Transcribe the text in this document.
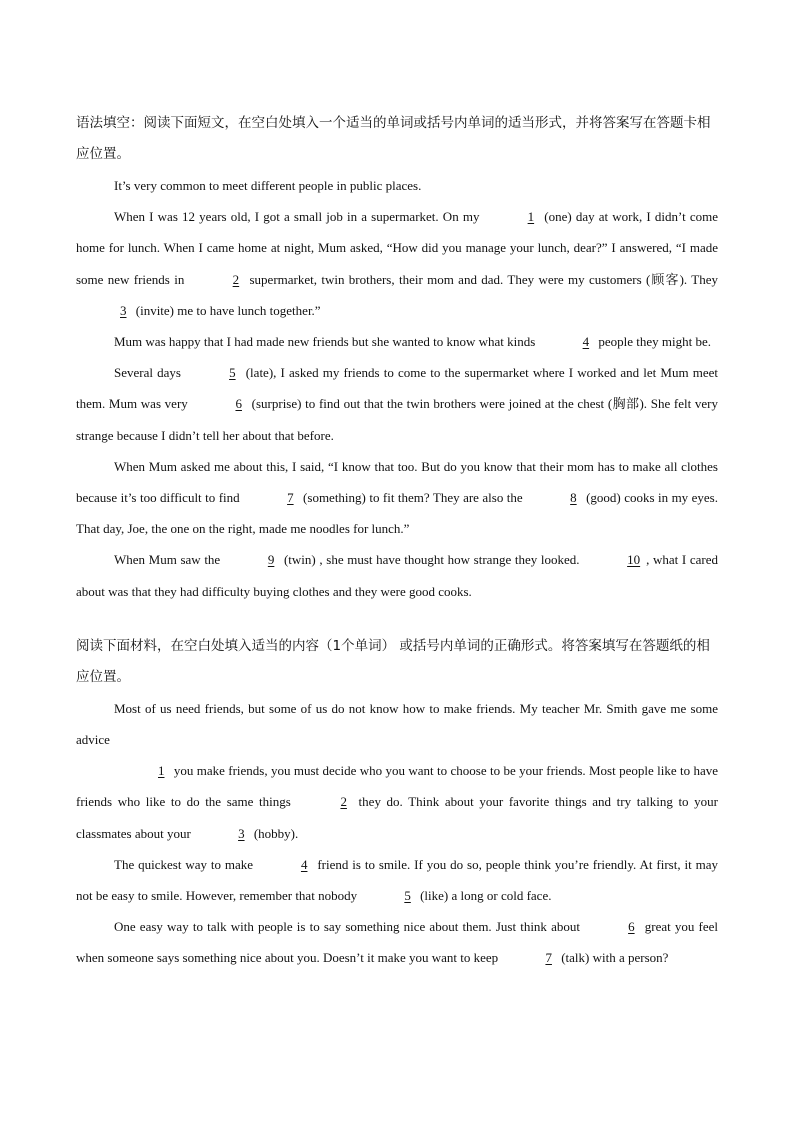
语法填空：阅读下面短文，在空白处填入一个适当的单词或括号内单词的适当形式，并将答案写在答题卡相应位置。

It’s very common to meet different people in public places.

When I was 12 years old, I got a small job in a supermarket. On my	1 (one) day at work, I didn’t come home for lunch. When I came home at night, Mum asked, “How did you manage your lunch, dear?” I answered, “I made some new friends in	2 supermarket, twin brothers, their mom and dad. They were my customers (顾客). They 3 (invite) me to have lunch together.”

Mum was happy that I had made new friends but she wanted to know what kinds	4 people they might be.

Several days	5 (late), I asked my friends to come to the supermarket where I worked and let Mum meet them. Mum was very	6 (surprise) to find out that the twin brothers were joined at the chest (胸部). She felt very strange because I didn’t tell her about that before.

When Mum asked me about this, I said, “I know that too. But do you know that their mom has to make all clothes because it’s too difficult to find	7 (something) to fit them? They are also the	8 (good) cooks in my eyes. That day, Joe, the one on the right, made me noodles for lunch.”

When Mum saw the	9 (twin) , she must have thought how strange they looked.	10 , what I cared about was that they had difficulty buying clothes and they were good cooks.

阅读下面材料，在空白处填入适当的内容（1个单词） 或括号内单词的正确形式。将答案填写在答题纸的相应位置。

Most of us need friends, but some of us do not know how to make friends. My teacher Mr. Smith gave me some advice

1 you make friends, you must decide who you want to choose to be your friends. Most people like to have friends who like to do the same things	2 they do. Think about your favorite things and try talking to your classmates about your	3 (hobby).

The quickest way to make	4 friend is to smile. If you do so, people think you’re friendly. At first, it may not be easy to smile. However, remember that nobody	5 (like) a long or cold face.

One easy way to talk with people is to say something nice about them. Just think about	6 great you feel when someone says something nice about you. Doesn’t it make you want to keep	7 (talk) with a person?
